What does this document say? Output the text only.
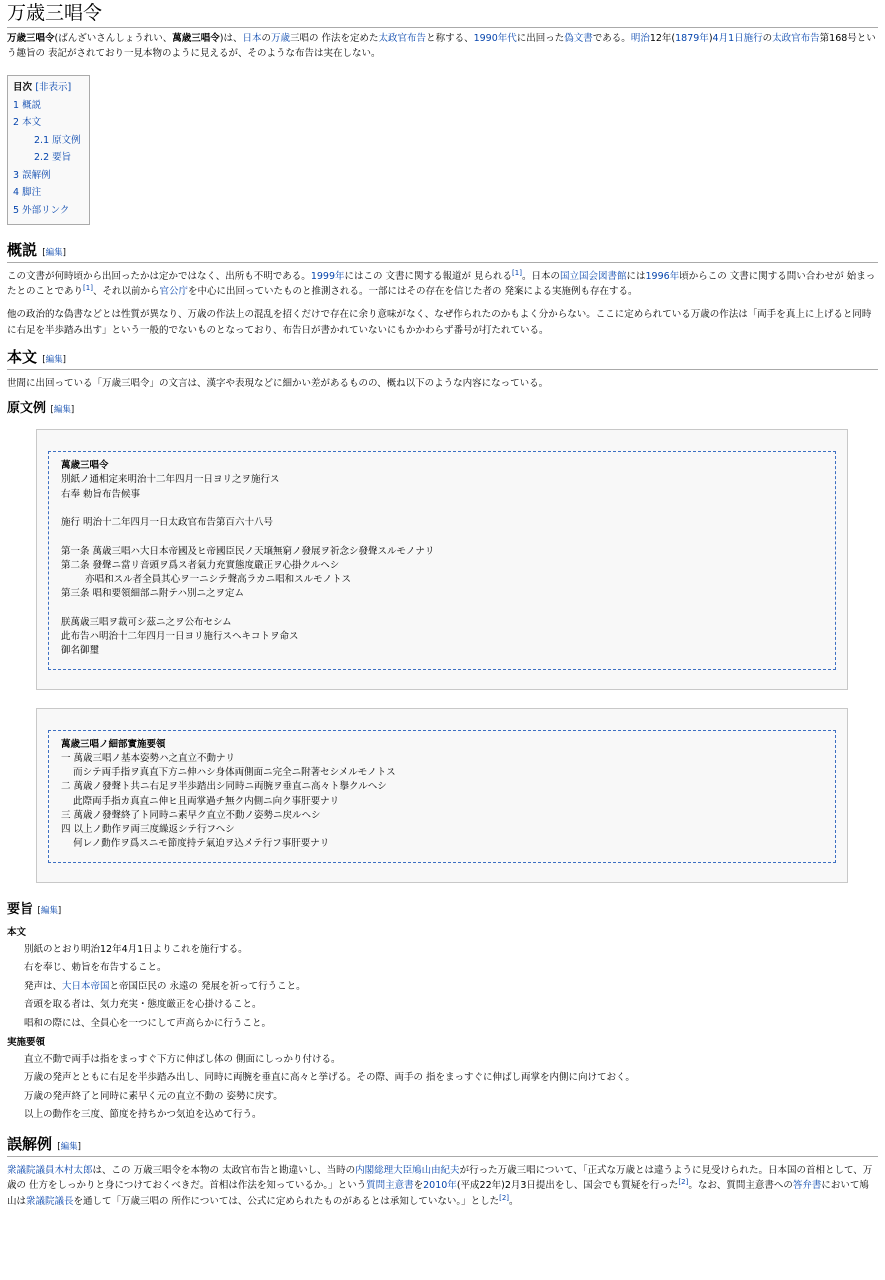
万歳三唱令

万歳三唱令(ばんざいさんしょうれい、萬歳三唱令)は、日本の万歳三唱の 作法を定めた太政官布告と称する、1990年代に出回った偽文書である。明治12年(1879年)4月1日施行の太政官布告第168号という趣旨の 表記がされており一見本物のように見えるが、そのような布告は実在しない。

目次 [非表示]
1 概説
2 本文
2.1 原文例
2.2 要旨
3 誤解例
4 脚注
5 外部リンク
概説 [編集]

この文書が何時頃から出回ったかは定かではなく、出所も不明である。1999年にはこの 文書に関する報道が 見られる[1]。日本の国立国会図書館には1996年頃からこの 文書に関する問い合わせが 始まったとのことであり[1]、それ以前から官公庁を中心に出回っていたものと推測される。一部にはその存在を信じた者の 発案による実施例も存在する。

他の政治的な偽書などとは性質が異なり、万歳の作法上の混乱を招くだけで存在に余り意味がなく、なぜ作られたのかもよく分からない。ここに定められている万歳の作法は「両手を真上に上げると同時に右足を半歩踏み出す」という一般的でないものとなっており、布告日が書かれていないにもかかわらず番号が打たれている。

本文 [編集]

世間に出回っている「万歳三唱令」の文言は、漢字や表現などに細かい差があるものの、概ね以下のような内容になっている。

原文例 [編集]
萬歳三唱令
別紙ノ通相定来明治十二年四月一日ヨリ之ヲ施行ス
右奉 勅旨布告候事

施行 明治十二年四月一日太政官布告第百六十八号

第一条 萬歳三唱ハ大日本帝國及ヒ帝國臣民ノ天壌無窮ノ發展ヲ祈念シ發聲スルモノナリ
第二条 發聲ニ當リ音頭ヲ爲ス者氣力充實態度嚴正ヲ心掛クルヘシ
亦唱和スル者全員其心ヲ一ニシテ聲高ラカニ唱和スルモノトス
第三条 唱和要領細部ニ附テハ別ニ之ヲ定ム

朕萬歳三唱ヲ裁可シ茲ニ之ヲ公布セシム
此布告ハ明治十二年四月一日ヨリ施行スヘキコトヲ命ス
御名御璽
萬歳三唱ノ細部實施要領
一 萬歳三唱ノ基本姿勢ハ之直立不動ナリ
而シテ両手指ヲ真直下方ニ伸ハシ身体両側面ニ完全ニ附著セシメルモノトス
二 萬歳ノ發聲ト共ニ右足ヲ半歩踏出シ同時ニ両腕ヲ垂直ニ高々ト擧クルヘシ
此際両手指カ真直ニ伸ヒ且両掌過チ無ク内側ニ向ク事肝要ナリ
三 萬歳ノ發聲終了ト同時ニ素早ク直立不動ノ姿勢ニ戻ルヘシ
四 以上ノ動作ヲ両三度繰返シテ行フヘシ
何レノ動作ヲ爲スニモ節度持テ氣迫ヲ込メテ行フ事肝要ナリ
要旨 [編集]
本文
別紙のとおり明治12年4月1日よりこれを施行する。
右を奉じ、勅旨を布告すること。
発声は、大日本帝国と帝国臣民の 永遠の 発展を祈って行うこと。
音頭を取る者は、気力充実・態度厳正を心掛けること。
唱和の際には、全員心を一つにして声高らかに行うこと。
実施要領
直立不動で両手は指をまっすぐ下方に伸ばし体の 側面にしっかり付ける。
万歳の発声とともに右足を半歩踏み出し、同時に両腕を垂直に高々と挙げる。その際、両手の 指をまっすぐに伸ばし両掌を内側に向けておく。
万歳の発声終了と同時に素早く元の直立不動の 姿勢に戻す。
以上の動作を三度、節度を持ちかつ気迫を込めて行う。
誤解例 [編集]

衆議院議員木村太郎は、この 万歳三唱令を本物の 太政官布告と勘違いし、当時の内閣総理大臣鳩山由紀夫が行った万歳三唱について、「正式な万歳とは違うように見受けられた。日本国の首相として、万歳の 仕方をしっかりと身につけておくべきだ。首相は作法を知っているか。」という質問主意書を2010年(平成22年)2月3日提出をし、国会でも質疑を行った[2]。なお、質問主意書への答弁書において鳩山は衆議院議長を通して「万歳三唱の 所作については、公式に定められたものがあるとは承知していない。」とした[2]。
